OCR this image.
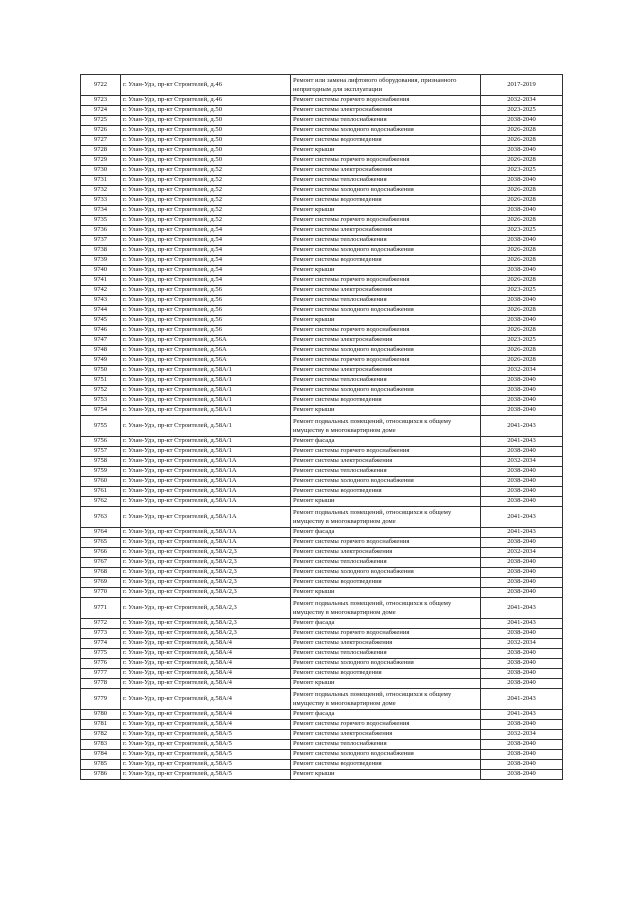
9722	г. Улан-Удэ, пр-кт Строителей, д.46	Ремонт или замена лифтового оборудования, признанного непригодным для эксплуатации	2017-2019
9723	г. Улан-Удэ, пр-кт Строителей, д.46	Ремонт системы горячего водоснабжения	2032-2034
9724	г. Улан-Удэ, пр-кт Строителей, д.50	Ремонт системы электроснабжения	2023-2025
9725	г. Улан-Удэ, пр-кт Строителей, д.50	Ремонт системы теплоснабжения	2038-2040
9726	г. Улан-Удэ, пр-кт Строителей, д.50	Ремонт системы холодного водоснабжения	2026-2028
9727	г. Улан-Удэ, пр-кт Строителей, д.50	Ремонт системы водоотведения	2026-2028
9728	г. Улан-Удэ, пр-кт Строителей, д.50	Ремонт крыши	2038-2040
9729	г. Улан-Удэ, пр-кт Строителей, д.50	Ремонт системы горячего водоснабжения	2026-2028
9730	г. Улан-Удэ, пр-кт Строителей, д.52	Ремонт системы электроснабжения	2023-2025
9731	г. Улан-Удэ, пр-кт Строителей, д.52	Ремонт системы теплоснабжения	2038-2040
9732	г. Улан-Удэ, пр-кт Строителей, д.52	Ремонт системы холодного водоснабжения	2026-2028
9733	г. Улан-Удэ, пр-кт Строителей, д.52	Ремонт системы водоотведения	2026-2028
9734	г. Улан-Удэ, пр-кт Строителей, д.52	Ремонт крыши	2038-2040
9735	г. Улан-Удэ, пр-кт Строителей, д.52	Ремонт системы горячего водоснабжения	2026-2028
9736	г. Улан-Удэ, пр-кт Строителей, д.54	Ремонт системы электроснабжения	2023-2025
9737	г. Улан-Удэ, пр-кт Строителей, д.54	Ремонт системы теплоснабжения	2038-2040
9738	г. Улан-Удэ, пр-кт Строителей, д.54	Ремонт системы холодного водоснабжения	2026-2028
9739	г. Улан-Удэ, пр-кт Строителей, д.54	Ремонт системы водоотведения	2026-2028
9740	г. Улан-Удэ, пр-кт Строителей, д.54	Ремонт крыши	2038-2040
9741	г. Улан-Удэ, пр-кт Строителей, д.54	Ремонт системы горячего водоснабжения	2026-2028
9742	г. Улан-Удэ, пр-кт Строителей, д.56	Ремонт системы электроснабжения	2023-2025
9743	г. Улан-Удэ, пр-кт Строителей, д.56	Ремонт системы теплоснабжения	2038-2040
9744	г. Улан-Удэ, пр-кт Строителей, д.56	Ремонт системы холодного водоснабжения	2026-2028
9745	г. Улан-Удэ, пр-кт Строителей, д.56	Ремонт крыши	2038-2040
9746	г. Улан-Удэ, пр-кт Строителей, д.56	Ремонт системы горячего водоснабжения	2026-2028
9747	г. Улан-Удэ, пр-кт Строителей, д.56А	Ремонт системы электроснабжения	2023-2025
9748	г. Улан-Удэ, пр-кт Строителей, д.56А	Ремонт системы холодного водоснабжения	2026-2028
9749	г. Улан-Удэ, пр-кт Строителей, д.56А	Ремонт системы горячего водоснабжения	2026-2028
9750	г. Улан-Удэ, пр-кт Строителей, д.58А/1	Ремонт системы электроснабжения	2032-2034
9751	г. Улан-Удэ, пр-кт Строителей, д.58А/1	Ремонт системы теплоснабжения	2038-2040
9752	г. Улан-Удэ, пр-кт Строителей, д.58А/1	Ремонт системы холодного водоснабжения	2038-2040
9753	г. Улан-Удэ, пр-кт Строителей, д.58А/1	Ремонт системы водоотведения	2038-2040
9754	г. Улан-Удэ, пр-кт Строителей, д.58А/1	Ремонт крыши	2038-2040
9755	г. Улан-Удэ, пр-кт Строителей, д.58А/1	Ремонт подвальных помещений, относящихся к общему имуществу в многоквартирном доме	2041-2043
9756	г. Улан-Удэ, пр-кт Строителей, д.58А/1	Ремонт фасада	2041-2043
9757	г. Улан-Удэ, пр-кт Строителей, д.58А/1	Ремонт системы горячего водоснабжения	2038-2040
9758	г. Улан-Удэ, пр-кт Строителей, д.58А/1А	Ремонт системы электроснабжения	2032-2034
9759	г. Улан-Удэ, пр-кт Строителей, д.58А/1А	Ремонт системы теплоснабжения	2038-2040
9760	г. Улан-Удэ, пр-кт Строителей, д.58А/1А	Ремонт системы холодного водоснабжения	2038-2040
9761	г. Улан-Удэ, пр-кт Строителей, д.58А/1А	Ремонт системы водоотведения	2038-2040
9762	г. Улан-Удэ, пр-кт Строителей, д.58А/1А	Ремонт крыши	2038-2040
9763	г. Улан-Удэ, пр-кт Строителей, д.58А/1А	Ремонт подвальных помещений, относящихся к общему имуществу в многоквартирном доме	2041-2043
9764	г. Улан-Удэ, пр-кт Строителей, д.58А/1А	Ремонт фасада	2041-2043
9765	г. Улан-Удэ, пр-кт Строителей, д.58А/1А	Ремонт системы горячего водоснабжения	2038-2040
9766	г. Улан-Удэ, пр-кт Строителей, д.58А/2,3	Ремонт системы электроснабжения	2032-2034
9767	г. Улан-Удэ, пр-кт Строителей, д.58А/2,3	Ремонт системы теплоснабжения	2038-2040
9768	г. Улан-Удэ, пр-кт Строителей, д.58А/2,3	Ремонт системы холодного водоснабжения	2038-2040
9769	г. Улан-Удэ, пр-кт Строителей, д.58А/2,3	Ремонт системы водоотведения	2038-2040
9770	г. Улан-Удэ, пр-кт Строителей, д.58А/2,3	Ремонт крыши	2038-2040
9771	г. Улан-Удэ, пр-кт Строителей, д.58А/2,3	Ремонт подвальных помещений, относящихся к общему имуществу в многоквартирном доме	2041-2043
9772	г. Улан-Удэ, пр-кт Строителей, д.58А/2,3	Ремонт фасада	2041-2043
9773	г. Улан-Удэ, пр-кт Строителей, д.58А/2,3	Ремонт системы горячего водоснабжения	2038-2040
9774	г. Улан-Удэ, пр-кт Строителей, д.58А/4	Ремонт системы электроснабжения	2032-2034
9775	г. Улан-Удэ, пр-кт Строителей, д.58А/4	Ремонт системы теплоснабжения	2038-2040
9776	г. Улан-Удэ, пр-кт Строителей, д.58А/4	Ремонт системы холодного водоснабжения	2038-2040
9777	г. Улан-Удэ, пр-кт Строителей, д.58А/4	Ремонт системы водоотведения	2038-2040
9778	г. Улан-Удэ, пр-кт Строителей, д.58А/4	Ремонт крыши	2038-2040
9779	г. Улан-Удэ, пр-кт Строителей, д.58А/4	Ремонт подвальных помещений, относящихся к общему имуществу в многоквартирном доме	2041-2043
9780	г. Улан-Удэ, пр-кт Строителей, д.58А/4	Ремонт фасада	2041-2043
9781	г. Улан-Удэ, пр-кт Строителей, д.58А/4	Ремонт системы горячего водоснабжения	2038-2040
9782	г. Улан-Удэ, пр-кт Строителей, д.58А/5	Ремонт системы электроснабжения	2032-2034
9783	г. Улан-Удэ, пр-кт Строителей, д.58А/5	Ремонт системы теплоснабжения	2038-2040
9784	г. Улан-Удэ, пр-кт Строителей, д.58А/5	Ремонт системы холодного водоснабжения	2038-2040
9785	г. Улан-Удэ, пр-кт Строителей, д.58А/5	Ремонт системы водоотведения	2038-2040
9786	г. Улан-Удэ, пр-кт Строителей, д.58А/5	Ремонт крыши	2038-2040
